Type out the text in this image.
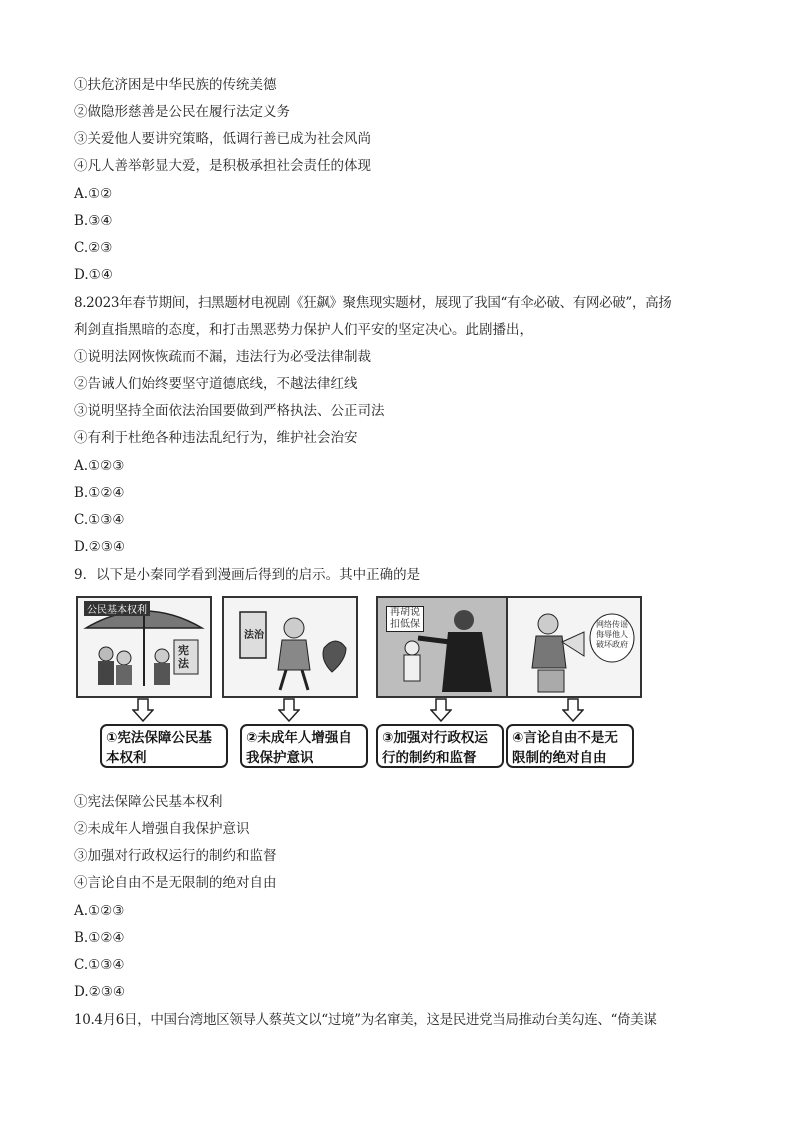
①扶危济困是中华民族的传统美德
②做隐形慈善是公民在履行法定义务
③关爱他人要讲究策略，低调行善已成为社会风尚
④凡人善举彰显大爱，是积极承担社会责任的体现
A.①②
B.③④
C.②③
D.①④
8.2023年春节期间，扫黑题材电视剧《狂飙》聚焦现实题材，展现了我国“有伞必破、有网必破”，高扬
利剑直指黑暗的态度，和打击黑恶势力保护人们平安的坚定决心。此剧播出，
①说明法网恢恢疏而不漏，违法行为必受法律制裁
②告诫人们始终要坚守道德底线，不越法律红线
③说明坚持全面依法治国要做到严格执法、公正司法
④有利于杜绝各种违法乱纪行为，维护社会治安
A.①②③
B.①②④
C.①③④
D.②③④
9．以下是小秦同学看到漫画后得到的启示。其中正确的是
公民基本权利
宪法
法治
再胡说
扣低保	网络传谣侮辱他人破坏政府
①宪法保障公民基本权利
②未成年人增强自我保护意识
③加强对行政权运行的制约和监督
④言论自由不是无限制的绝对自由
①宪法保障公民基本权利
②未成年人增强自我保护意识
③加强对行政权运行的制约和监督
④言论自由不是无限制的绝对自由
A.①②③
B.①②④
C.①③④
D.②③④
10.4月6日，中国台湾地区领导人蔡英文以“过境”为名窜美，这是民进党当局推动台美勾连、“倚美谋
